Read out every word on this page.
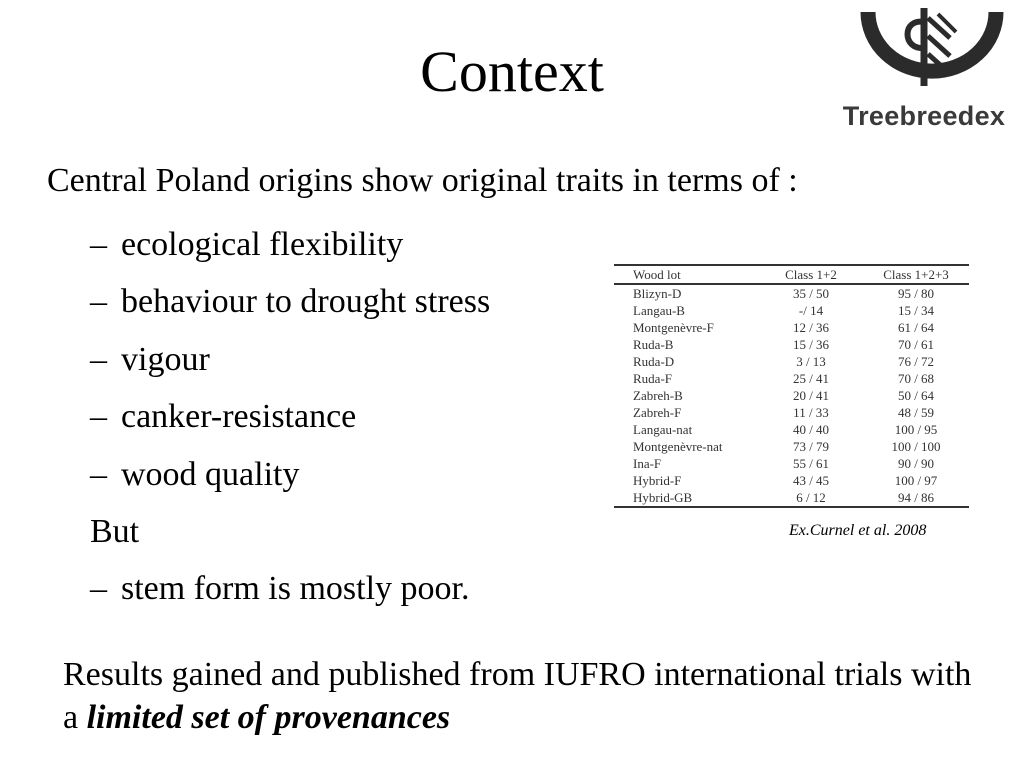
Context
Treebreedex
Central Poland origins show original traits in terms of :
– ecological flexibility
– behaviour to drought stress
– vigour
– canker-resistance
– wood quality
But
– stem form is mostly poor.
Wood lot	Class 1+2	Class 1+2+3
Blizyn-D	35 / 50	95 / 80
Langau-B	-/ 14	15 / 34
Montgenèvre-F	12 / 36	61 / 64
Ruda-B	15 / 36	70 / 61
Ruda-D	3 / 13	76 / 72
Ruda-F	25 / 41	70 / 68
Zabreh-B	20 / 41	50 / 64
Zabreh-F	11 / 33	48 / 59
Langau-nat	40 / 40	100 / 95
Montgenèvre-nat	73 / 79	100 / 100
Ina-F	55 / 61	90 / 90
Hybrid-F	43 / 45	100 / 97
Hybrid-GB	6 / 12	94 / 86
Ex.Curnel et al. 2008
Results gained and published from IUFRO international trials with a limited set of provenances
